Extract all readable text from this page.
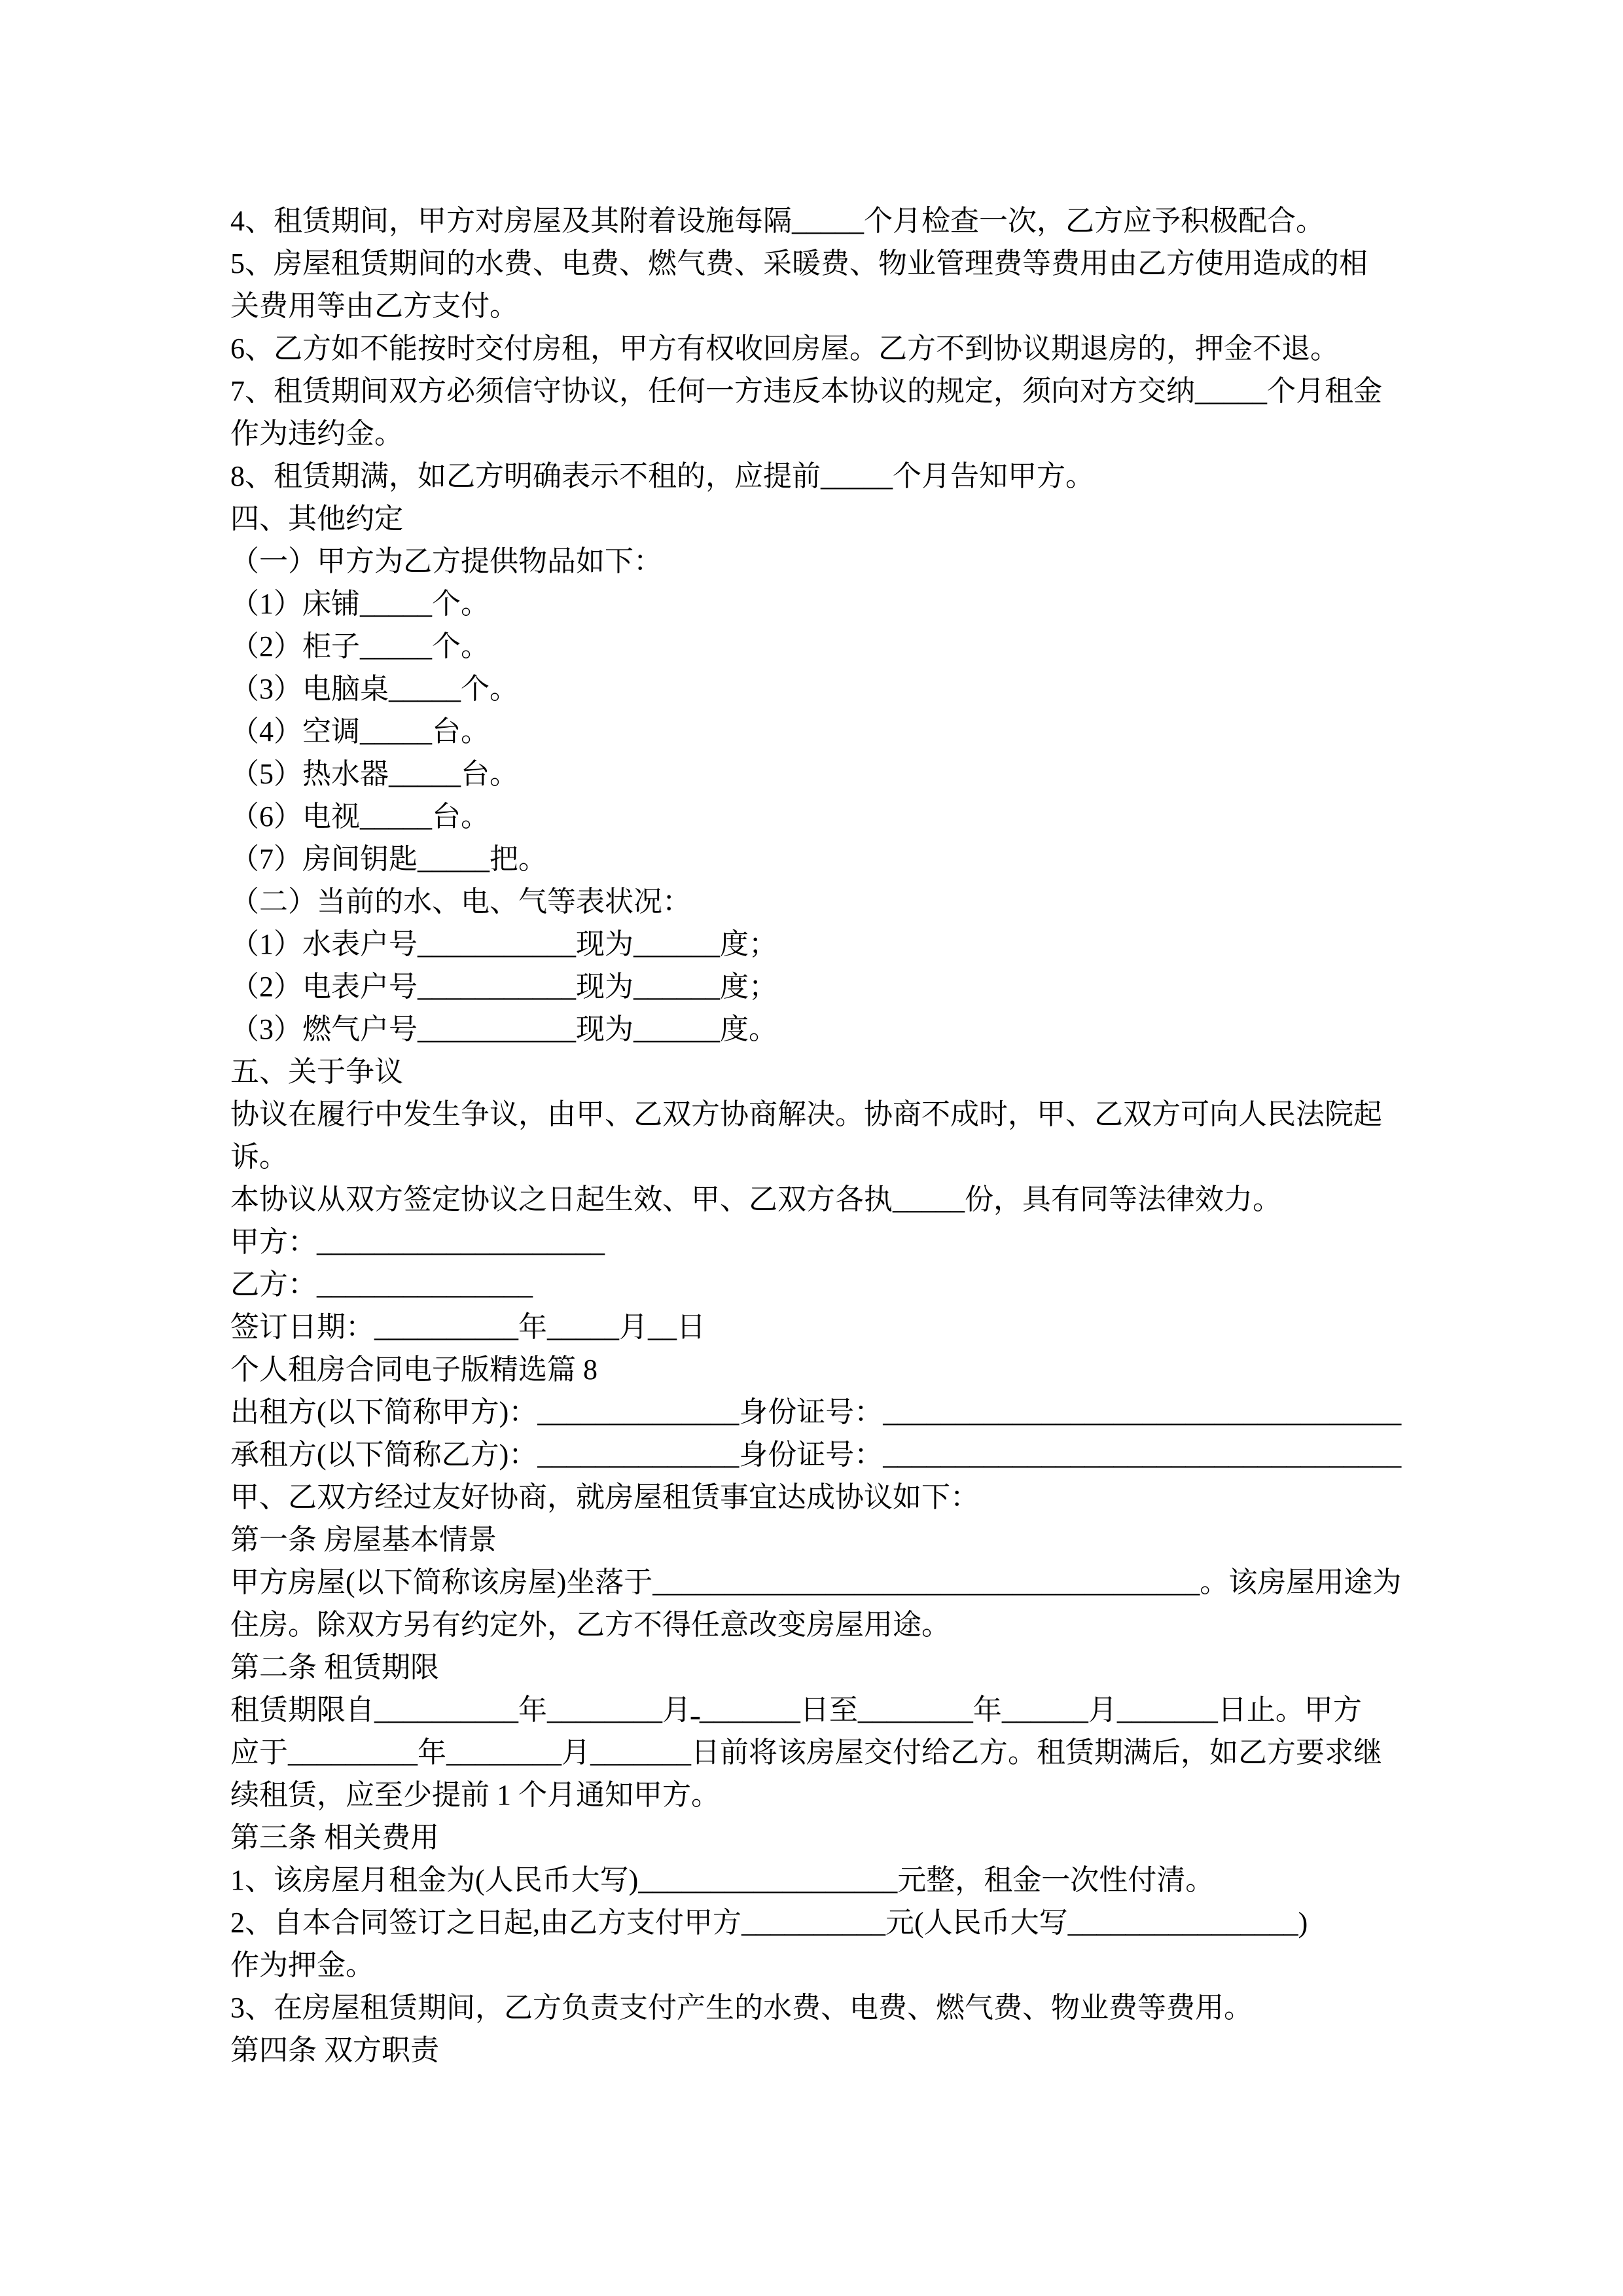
4、租赁期间，甲方对房屋及其附着设施每隔_____个月检查一次，乙方应予积极配合。
5、房屋租赁期间的水费、电费、燃气费、采暖费、物业管理费等费用由乙方使用造成的相
关费用等由乙方支付。
6、乙方如不能按时交付房租，甲方有权收回房屋。乙方不到协议期退房的，押金不退。
7、租赁期间双方必须信守协议，任何一方违反本协议的规定，须向对方交纳_____个月租金
作为违约金。
8、租赁期满，如乙方明确表示不租的，应提前_____个月告知甲方。
四、其他约定
（一）甲方为乙方提供物品如下：
（1）床铺_____个。
（2）柜子_____个。
（3）电脑桌_____个。
（4）空调_____台。
（5）热水器_____台。
（6）电视_____台。
（7）房间钥匙_____把。
（二）当前的水、电、气等表状况：
（1）水表户号___________现为______度；
（2）电表户号___________现为______度；
（3）燃气户号___________现为______度。
五、关于争议
协议在履行中发生争议，由甲、乙双方协商解决。协商不成时，甲、乙双方可向人民法院起
诉。
本协议从双方签定协议之日起生效、甲、乙双方各执_____份，具有同等法律效力。
甲方：____________________
乙方：_______________
签订日期：__________年_____月__日
个人租房合同电子版精选篇 8
出租方(以下简称甲方)：______________身份证号：____________________________________
承租方(以下简称乙方)：______________身份证号：____________________________________
甲、乙双方经过友好协商，就房屋租赁事宜达成协议如下：
第一条 房屋基本情景
甲方房屋(以下简称该房屋)坐落于______________________________________。该房屋用途为
住房。除双方另有约定外，乙方不得任意改变房屋用途。
第二条 租赁期限
租赁期限自__________年________月ـ_______日至________年______月_______日止。甲方
应于_________年________月_______日前将该房屋交付给乙方。租赁期满后，如乙方要求继
续租赁，应至少提前 1 个月通知甲方。
第三条 相关费用
1、该房屋月租金为(人民币大写)__________________元整，租金一次性付清。
2、自本合同签订之日起,由乙方支付甲方__________元(人民币大写________________)
作为押金。
3、在房屋租赁期间，乙方负责支付产生的水费、电费、燃气费、物业费等费用。
第四条 双方职责
